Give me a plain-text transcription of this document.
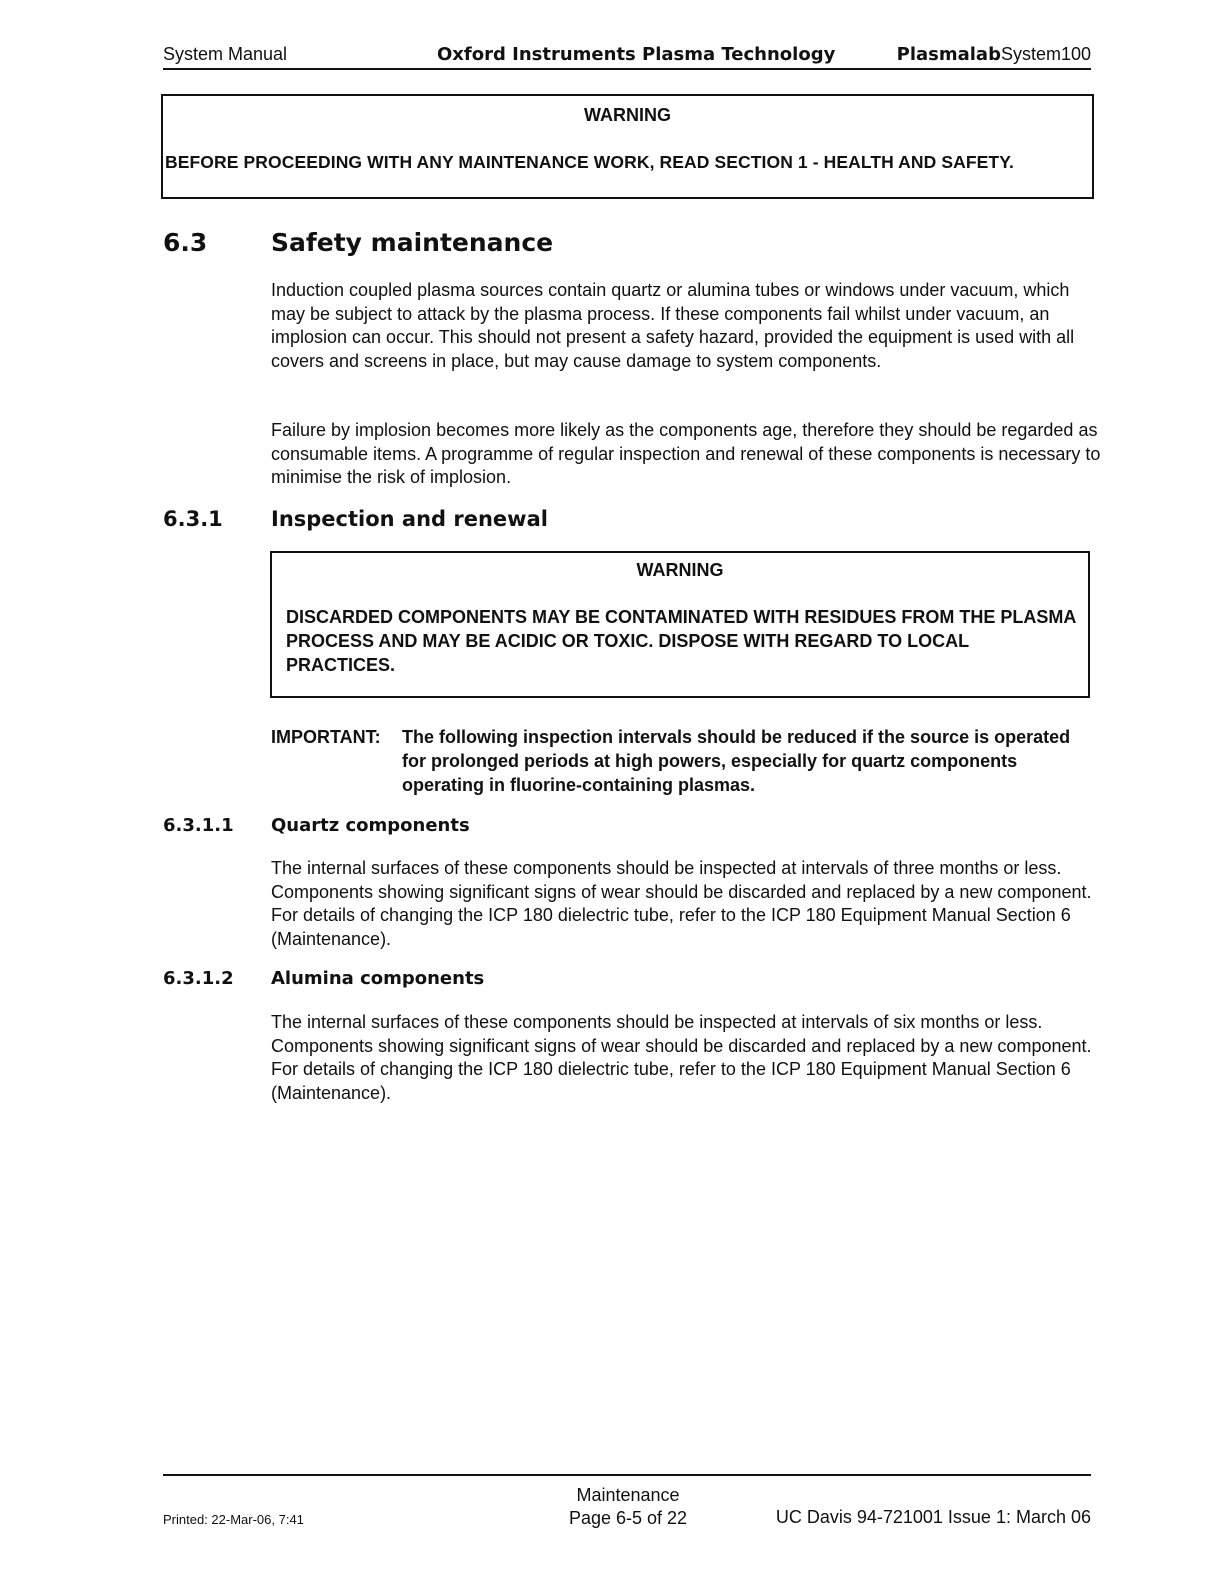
System Manual	Oxford Instruments Plasma Technology	PlasmalabSystem100
WARNING
BEFORE PROCEEDING WITH ANY MAINTENANCE WORK, READ SECTION 1 - HEALTH AND SAFETY.
6.3	Safety maintenance
Induction coupled plasma sources contain quartz or alumina tubes or windows under vacuum, which may be subject to attack by the plasma process. If these components fail whilst under vacuum, an implosion can occur. This should not present a safety hazard, provided the equipment is used with all covers and screens in place, but may cause damage to system components.
Failure by implosion becomes more likely as the components age, therefore they should be regarded as consumable items. A programme of regular inspection and renewal of these components is necessary to minimise the risk of implosion.
6.3.1 Inspection and renewal
WARNING
DISCARDED COMPONENTS MAY BE CONTAMINATED WITH RESIDUES FROM THE PLASMA PROCESS AND MAY BE ACIDIC OR TOXIC. DISPOSE WITH REGARD TO LOCAL PRACTICES.
IMPORTANT: The following inspection intervals should be reduced if the source is operated for prolonged periods at high powers, especially for quartz components operating in fluorine-containing plasmas.
6.3.1.1 Quartz components
The internal surfaces of these components should be inspected at intervals of three months or less. Components showing significant signs of wear should be discarded and replaced by a new component. For details of changing the ICP 180 dielectric tube, refer to the ICP 180 Equipment Manual Section 6 (Maintenance).
6.3.1.2 Alumina components
The internal surfaces of these components should be inspected at intervals of six months or less. Components showing significant signs of wear should be discarded and replaced by a new component. For details of changing the ICP 180 dielectric tube, refer to the ICP 180 Equipment Manual Section 6 (Maintenance).
Printed: 22-Mar-06, 7:41
Maintenance
Page 6-5 of 22	UC Davis 94-721001 Issue 1: March 06
